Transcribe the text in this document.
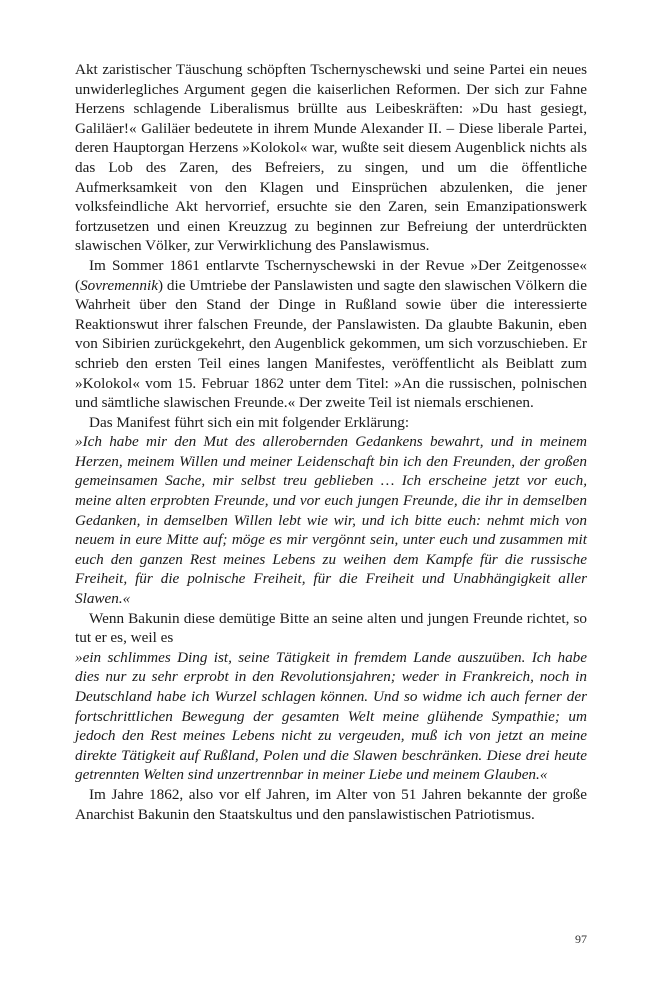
Akt zaristischer Täuschung schöpften Tschernyschewski und seine Partei ein neues unwiderlegliches Argument gegen die kaiserlichen Reformen. Der sich zur Fahne Herzens schlagende Liberalismus brüllte aus Leibeskräften: »Du hast gesiegt, Galiläer!« Galiläer bedeutete in ihrem Munde Alexander II. – Diese liberale Partei, deren Hauptorgan Herzens »Kolokol« war, wußte seit diesem Augenblick nichts als das Lob des Zaren, des Befreiers, zu singen, und um die öffentliche Aufmerksamkeit von den Klagen und Einsprüchen abzulenken, die jener volksfeindliche Akt hervorrief, ersuchte sie den Zaren, sein Emanzipationswerk fortzusetzen und einen Kreuzzug zu beginnen zur Befreiung der unterdrückten slawischen Völker, zur Verwirklichung des Panslawismus.

Im Sommer 1861 entlarvte Tschernyschewski in der Revue »Der Zeitgenosse« (Sovremennik) die Umtriebe der Panslawisten und sagte den slawischen Völkern die Wahrheit über den Stand der Dinge in Rußland sowie über die interessierte Reaktionswut ihrer falschen Freunde, der Panslawisten. Da glaubte Bakunin, eben von Sibirien zurückgekehrt, den Augenblick gekommen, um sich vorzuschieben. Er schrieb den ersten Teil eines langen Manifestes, veröffentlicht als Beiblatt zum »Kolokol« vom 15. Februar 1862 unter dem Titel: »An die russischen, polnischen und sämtliche slawischen Freunde.« Der zweite Teil ist niemals erschienen.

Das Manifest führt sich ein mit folgender Erklärung:

»Ich habe mir den Mut des allerobernden Gedankens bewahrt, und in meinem Herzen, meinem Willen und meiner Leidenschaft bin ich den Freunden, der großen gemeinsamen Sache, mir selbst treu geblieben … Ich erscheine jetzt vor euch, meine alten erprobten Freunde, und vor euch jungen Freunde, die ihr in demselben Gedanken, in demselben Willen lebt wie wir, und ich bitte euch: nehmt mich von neuem in eure Mitte auf; möge es mir vergönnt sein, unter euch und zusammen mit euch den ganzen Rest meines Lebens zu weihen dem Kampfe für die russische Freiheit, für die polnische Freiheit, für die Freiheit und Unabhängigkeit aller Slawen.«

Wenn Bakunin diese demütige Bitte an seine alten und jungen Freunde richtet, so tut er es, weil es

»ein schlimmes Ding ist, seine Tätigkeit in fremdem Lande auszuüben. Ich habe dies nur zu sehr erprobt in den Revolutionsjahren; weder in Frankreich, noch in Deutschland habe ich Wurzel schlagen können. Und so widme ich auch ferner der fortschrittlichen Bewegung der gesamten Welt meine glühende Sympathie; um jedoch den Rest meines Lebens nicht zu vergeuden, muß ich von jetzt an meine direkte Tätigkeit auf Rußland, Polen und die Slawen beschränken. Diese drei heute getrennten Welten sind unzertrennbar in meiner Liebe und meinem Glauben.«

Im Jahre 1862, also vor elf Jahren, im Alter von 51 Jahren bekannte der große Anarchist Bakunin den Staatskultus und den panslawistischen Patriotismus.

97
